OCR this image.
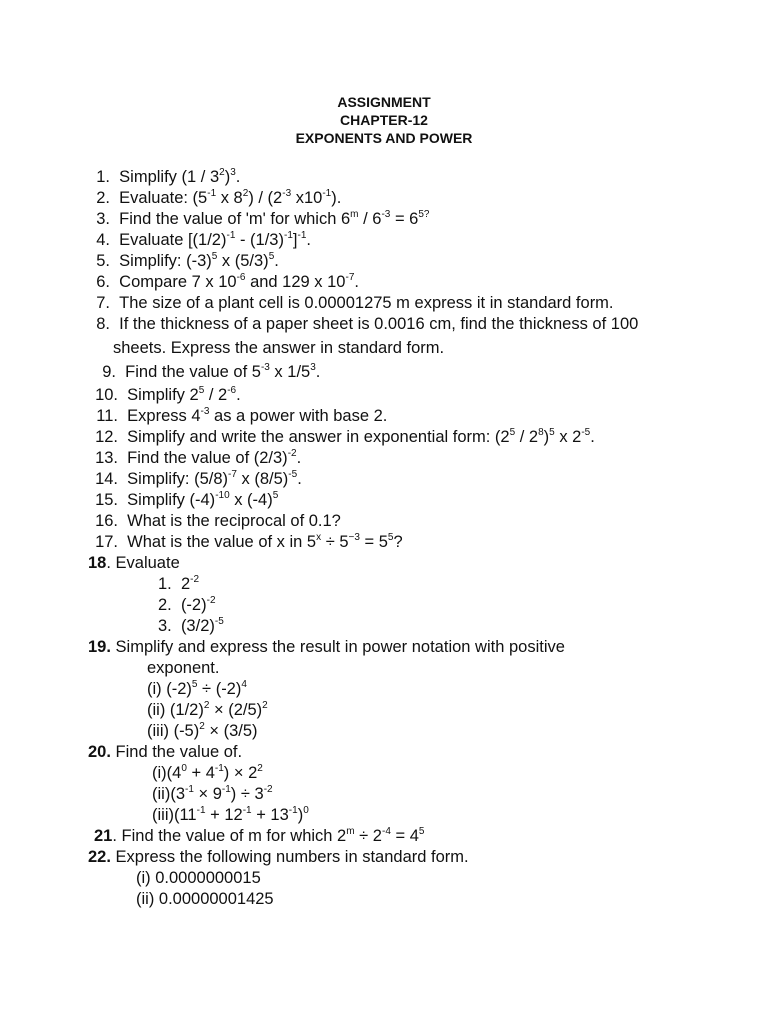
ASSIGNMENT
CHAPTER-12
EXPONENTS AND POWER
1. Simplify $(1 / 3^2)^3$.
2. Evaluate: ($5^{-1}$ x $8^2) / (2^{-3}$ $x10^{-1}$).
3. Find the value of 'm' for which $6^m / 6^{-3} = 6^{5?}$
4. Evaluate $[(1/2)^{-1} - (1/3)^{-1}]^{-1}$.
5. Simplify: $(-3)^5$ x $(5/3)^5$.
6. Compare 7 x $10^{-6}$ and 129 x $10^{-7}$.
7. The size of a plant cell is 0.00001275 m express it in standard form.
8. If the thickness of a paper sheet is 0.0016 cm, find the thickness of 100
sheets. Express the answer in standard form.
9. Find the value of $5^{-3}$ x $1/5^3$.
10. Simplify $2^5 / 2^{-6}$.
11. Express $4^{-3}$ as a power with base 2.
12. Simplify and write the answer in exponential form: $(2^5 / 2^8)^5$ x $2^{-5}$.
13. Find the value of $(2/3)^{-2}$.
14. Simplify: $(5/8)^{-7}$ x $(8/5)^{-5}$.
15. Simplify $(-4)^{-10}$ x $(-4)^5$
16. What is the reciprocal of 0.1?
17. What is the value of x in $5^x \div 5^{-3} = 5^5$?
18. Evaluate
1. $2^{-2}$
2. $(-2)^{-2}$
3. $(3/2)^{-5}$
19. Simplify and express the result in power notation with positive
exponent.
(i) $(-2)^5 \div (-2)^4$
(ii) $(1/2)^2 \times (2/5)^2$
(iii) $(-5)^2 \times (3/5)$
20. Find the value of.
$(i)(4^0 + 4^{-1}) \times 2^2$
$(ii)(3^{-1} \times 9^{-1}) \div 3^{-2}$
$(iii)(11^{-1} + 12^{-1} + 13^{-1})^0$
21. Find the value of m for which $2^m \div 2^{-4} = 4^5$
22. Express the following numbers in standard form.
(i) 0.0000000015
(ii) 0.00000001425
